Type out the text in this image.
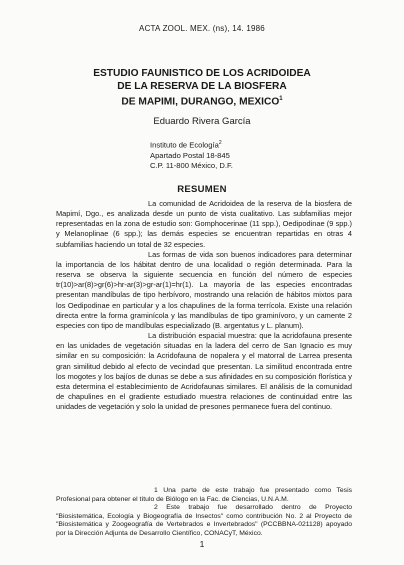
ACTA ZOOL. MEX. (ns), 14. 1986
ESTUDIO FAUNISTICO DE LOS ACRIDOIDEA
DE LA RESERVA DE LA BIOSFERA
DE MAPIMI, DURANGO, MEXICO$^1$
Eduardo Rivera García
Instituto de Ecología$^2$
Apartado Postal 18-845
C.P. 11-800 México, D.F.
RESUMEN

La comunidad de Acridoidea de la reserva de la biosfera de Mapimí, Dgo., es analizada desde un punto de vista cualitativo. Las subfamilias mejor representadas en la zona de estudio son: Gomphocerinae (11 spp.), Oedipodinae (9 spp.) y Melanoplinae (6 spp.); las demás especies se encuentran repartidas en otras 4 subfamilias haciendo un total de 32 especies.

Las formas de vida son buenos indicadores para determinar la importancia de los hábitat dentro de una localidad o región determinada. Para la reserva se observa la siguiente secuencia en función del número de especies tr(10)>ar(8)>gr(6)>hr-ar(3)>gr-ar(1)=hr(1). La mayoría de las especies encontradas presentan mandíbulas de tipo herbívoro, mostrando una relación de hábitos mixtos para los Oedipodinae en particular y a los chapulines de la forma terrícola. Existe una relación directa entre la forma graminícola y las mandíbulas de tipo graminívoro, y un camente 2 especies con tipo de mandíbulas especializado (B. argentatus y L. planum).

La distribución espacial muestra: que la acridofauna presente en las unidades de vegetación situadas en la ladera del cerro de San Ignacio es muy similar en su composición: la Acridofauna de nopalera y el matorral de Larrea presenta gran similitud debido al efecto de vecindad que presentan. La similitud encontrada entre los mogotes y los bajíos de dunas se debe a sus afinidades en su composición florística y esta determina el establecimiento de Acridofaunas similares. El análisis de la comunidad de chapulines en el gradiente estudiado muestra relaciones de continuidad entre las unidades de vegetación y solo la unidad de presones permanece fuera del continuo.

1 Una parte de este trabajo fue presentado como Tesis Profesional para obtener el título de Biólogo en la Fac. de Ciencias, U.N.A.M.

2 Este trabajo fue desarrollado dentro de Proyecto "Biosistemática, Ecología y Biogeografía de Insectos" como contribución No. 2 al Proyecto de "Biosistemática y Zoogeografía de Vertebrados e Invertebrados" (PCCBBNA-021128) apoyado por la Dirección Adjunta de Desarrollo Científico, CONACyT, México.

1
